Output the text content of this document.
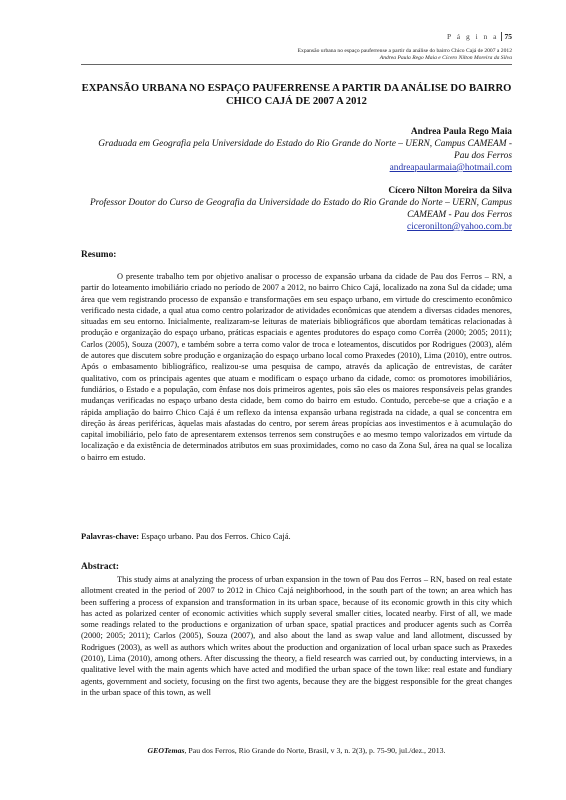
P á g i n a 75
Expansão urbana no espaço pauferrense a partir da análise do bairro Chico Cajá de 2007 a 2012
Andrea Paula Rego Maia e Cícero Nilton Moreira da Silva
EXPANSÃO URBANA NO ESPAÇO PAUFERRENSE A PARTIR DA ANÁLISE DO BAIRRO CHICO CAJÁ DE 2007 A 2012
Andrea Paula Rego Maia
Graduada em Geografia pela Universidade do Estado do Rio Grande do Norte – UERN, Campus CAMEAM - Pau dos Ferros
andreapaularmaia@hotmail.com
Cícero Nilton Moreira da Silva
Professor Doutor do Curso de Geografia da Universidade do Estado do Rio Grande do Norte – UERN, Campus CAMEAM - Pau dos Ferros
ciceronilton@yahoo.com.br
Resumo:

O presente trabalho tem por objetivo analisar o processo de expansão urbana da cidade de Pau dos Ferros – RN, a partir do loteamento imobiliário criado no período de 2007 a 2012, no bairro Chico Cajá, localizado na zona Sul da cidade; uma área que vem registrando processo de expansão e transformações em seu espaço urbano, em virtude do crescimento econômico verificado nesta cidade, a qual atua como centro polarizador de atividades econômicas que atendem a diversas cidades menores, situadas em seu entorno. Inicialmente, realizaram-se leituras de materiais bibliográficos que abordam temáticas relacionadas à produção e organização do espaço urbano, práticas espaciais e agentes produtores do espaço como Corrêa (2000; 2005; 2011); Carlos (2005), Souza (2007), e também sobre a terra como valor de troca e loteamentos, discutidos por Rodrigues (2003), além de autores que discutem sobre produção e organização do espaço urbano local como Praxedes (2010), Lima (2010), entre outros. Após o embasamento bibliográfico, realizou-se uma pesquisa de campo, através da aplicação de entrevistas, de caráter qualitativo, com os principais agentes que atuam e modificam o espaço urbano da cidade, como: os promotores imobiliários, fundiários, o Estado e a população, com ênfase nos dois primeiros agentes, pois são eles os maiores responsáveis pelas grandes mudanças verificadas no espaço urbano desta cidade, bem como do bairro em estudo. Contudo, percebe-se que a criação e a rápida ampliação do bairro Chico Cajá é um reflexo da intensa expansão urbana registrada na cidade, a qual se concentra em direção às áreas periféricas, àquelas mais afastadas do centro, por serem áreas propícias aos investimentos e à acumulação do capital imobiliário, pelo fato de apresentarem extensos terrenos sem construções e ao mesmo tempo valorizados em virtude da localização e da existência de determinados atributos em suas proximidades, como no caso da Zona Sul, área na qual se localiza o bairro em estudo.

Palavras-chave: Espaço urbano. Pau dos Ferros. Chico Cajá.
Abstract:

This study aims at analyzing the process of urban expansion in the town of Pau dos Ferros – RN, based on real estate allotment created in the period of 2007 to 2012 in Chico Cajá neighborhood, in the south part of the town; an area which has been suffering a process of expansion and transformation in its urban space, because of its economic growth in this city which has acted as polarized center of economic activities which supply several smaller cities, located nearby. First of all, we made some readings related to the productions e organization of urban space, spatial practices and producer agents such as Corrêa (2000; 2005; 2011); Carlos (2005), Souza (2007), and also about the land as swap value and land allotment, discussed by Rodrigues (2003), as well as authors which writes about the production and organization of local urban space such as Praxedes (2010), Lima (2010), among others. After discussing the theory, a field research was carried out, by conducting interviews, in a qualitative level with the main agents which have acted and modified the urban space of the town like: real estate and fundiary agents, government and society, focusing on the first two agents, because they are the biggest responsible for the great changes in the urban space of this town, as well

GEOTemas, Pau dos Ferros, Rio Grande do Norte, Brasil, v 3, n. 2(3), p. 75-90, jul./dez., 2013.
